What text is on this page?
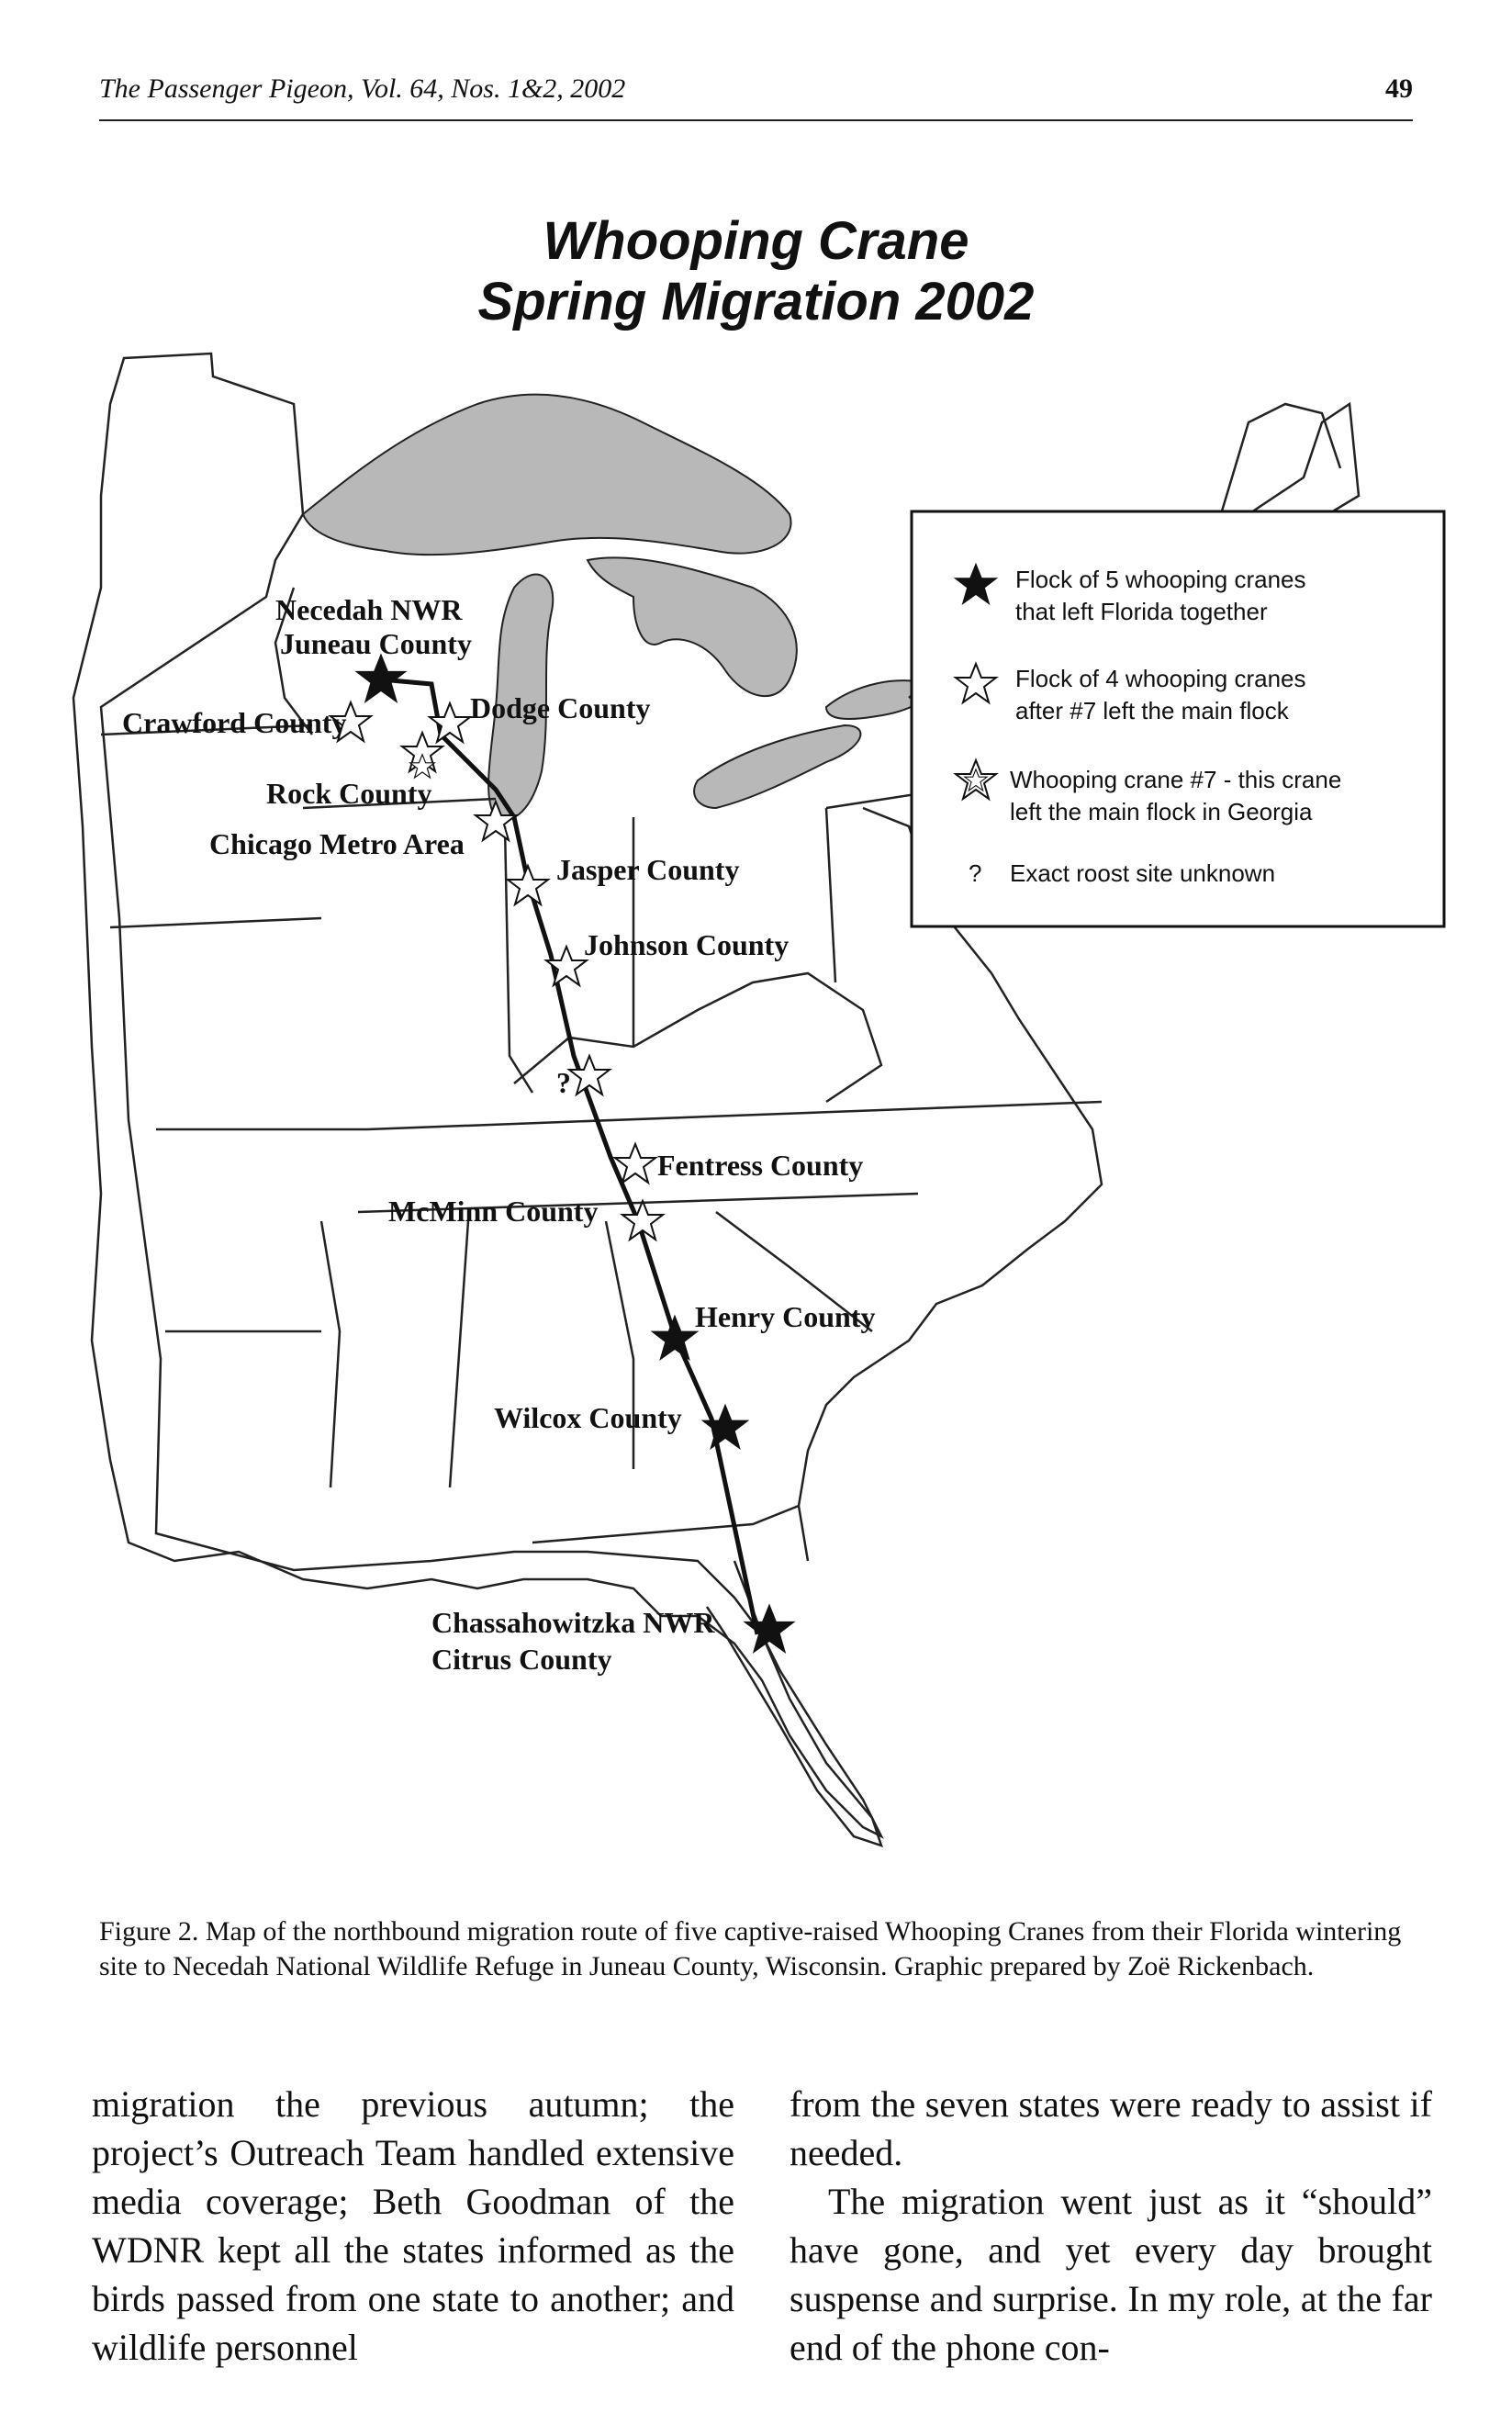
The Passenger Pigeon, Vol. 64, Nos. 1&2, 2002	49
Whooping Crane
Spring Migration 2002
Necedah NWR
Juneau County
Crawford County	Dodge County
Rock County
Chicago Metro Area
Jasper County
Johnson County
?
Fentress County
McMinn County
Henry County
Wilcox County
Chassahowitzka NWR
Citrus County
Flock of 5 whooping cranes
that left Florida together
Flock of 4 whooping cranes
after #7 left the main flock
Whooping crane #7 - this crane
left the main flock in Georgia
? Exact roost site unknown
Figure 2. Map of the northbound migration route of five captive-raised Whooping Cranes from their Florida wintering site to Necedah National Wildlife Refuge in Juneau County, Wisconsin. Graphic prepared by Zoë Rickenbach.

migration the previous autumn; the project’s Outreach Team handled extensive media coverage; Beth Goodman of the WDNR kept all the states informed as the birds passed from one state to another; and wildlife personnel

from the seven states were ready to assist if needed.

The migration went just as it “should” have gone, and yet every day brought suspense and surprise. In my role, at the far end of the phone con-
